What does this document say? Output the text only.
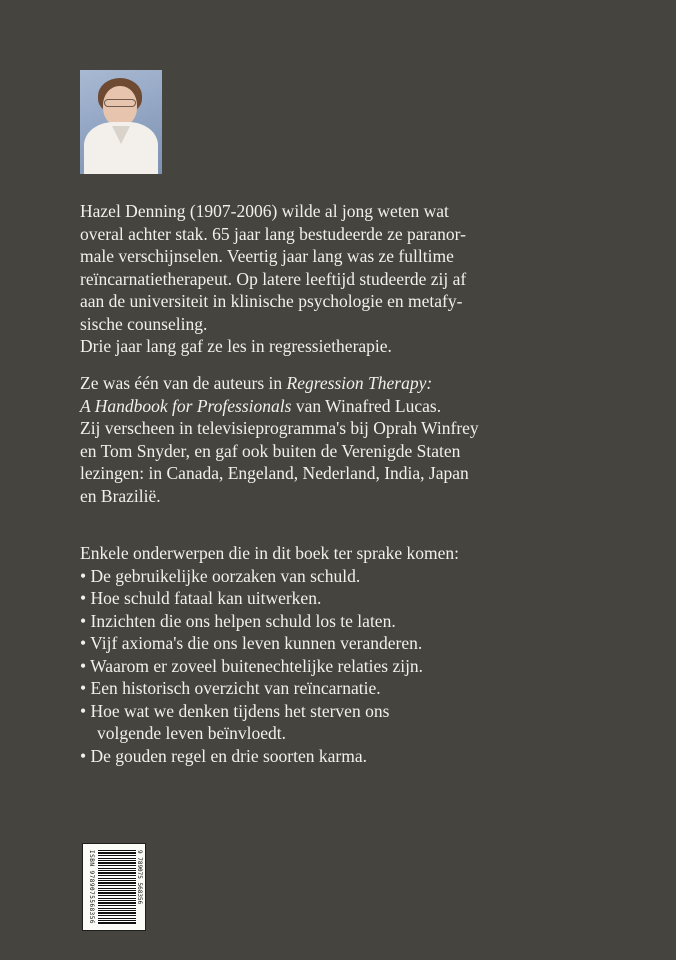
Hazel Denning (1907-2006) wilde al jong weten wat
overal achter stak. 65 jaar lang bestudeerde ze paranor-
male verschijnselen. Veertig jaar lang was ze fulltime
reïncarnatietherapeut. Op latere leeftijd studeerde zij af
aan de universiteit in klinische psychologie en metafy-
sische counseling.
Drie jaar lang gaf ze les in regressietherapie.
Ze was één van de auteurs in Regression Therapy:
A Handbook for Professionals van Winafred Lucas.
Zij verscheen in televisieprogramma's bij Oprah Winfrey
en Tom Snyder, en gaf ook buiten de Verenigde Staten
lezingen: in Canada, Engeland, Nederland, India, Japan
en Brazilië.
Enkele onderwerpen die in dit boek ter sprake komen:
• De gebruikelijke oorzaken van schuld.
• Hoe schuld fataal kan uitwerken.
• Inzichten die ons helpen schuld los te laten.
• Vijf axioma's die ons leven kunnen veranderen.
• Waarom er zoveel buitenechtelijke relaties zijn.
• Een historisch overzicht van reïncarnatie.
• Hoe wat we denken tijdens het sterven ons
volgende leven beïnvloedt.
• De gouden regel en drie soorten karma.
ISBN 9789075568356	9 789075 568356
